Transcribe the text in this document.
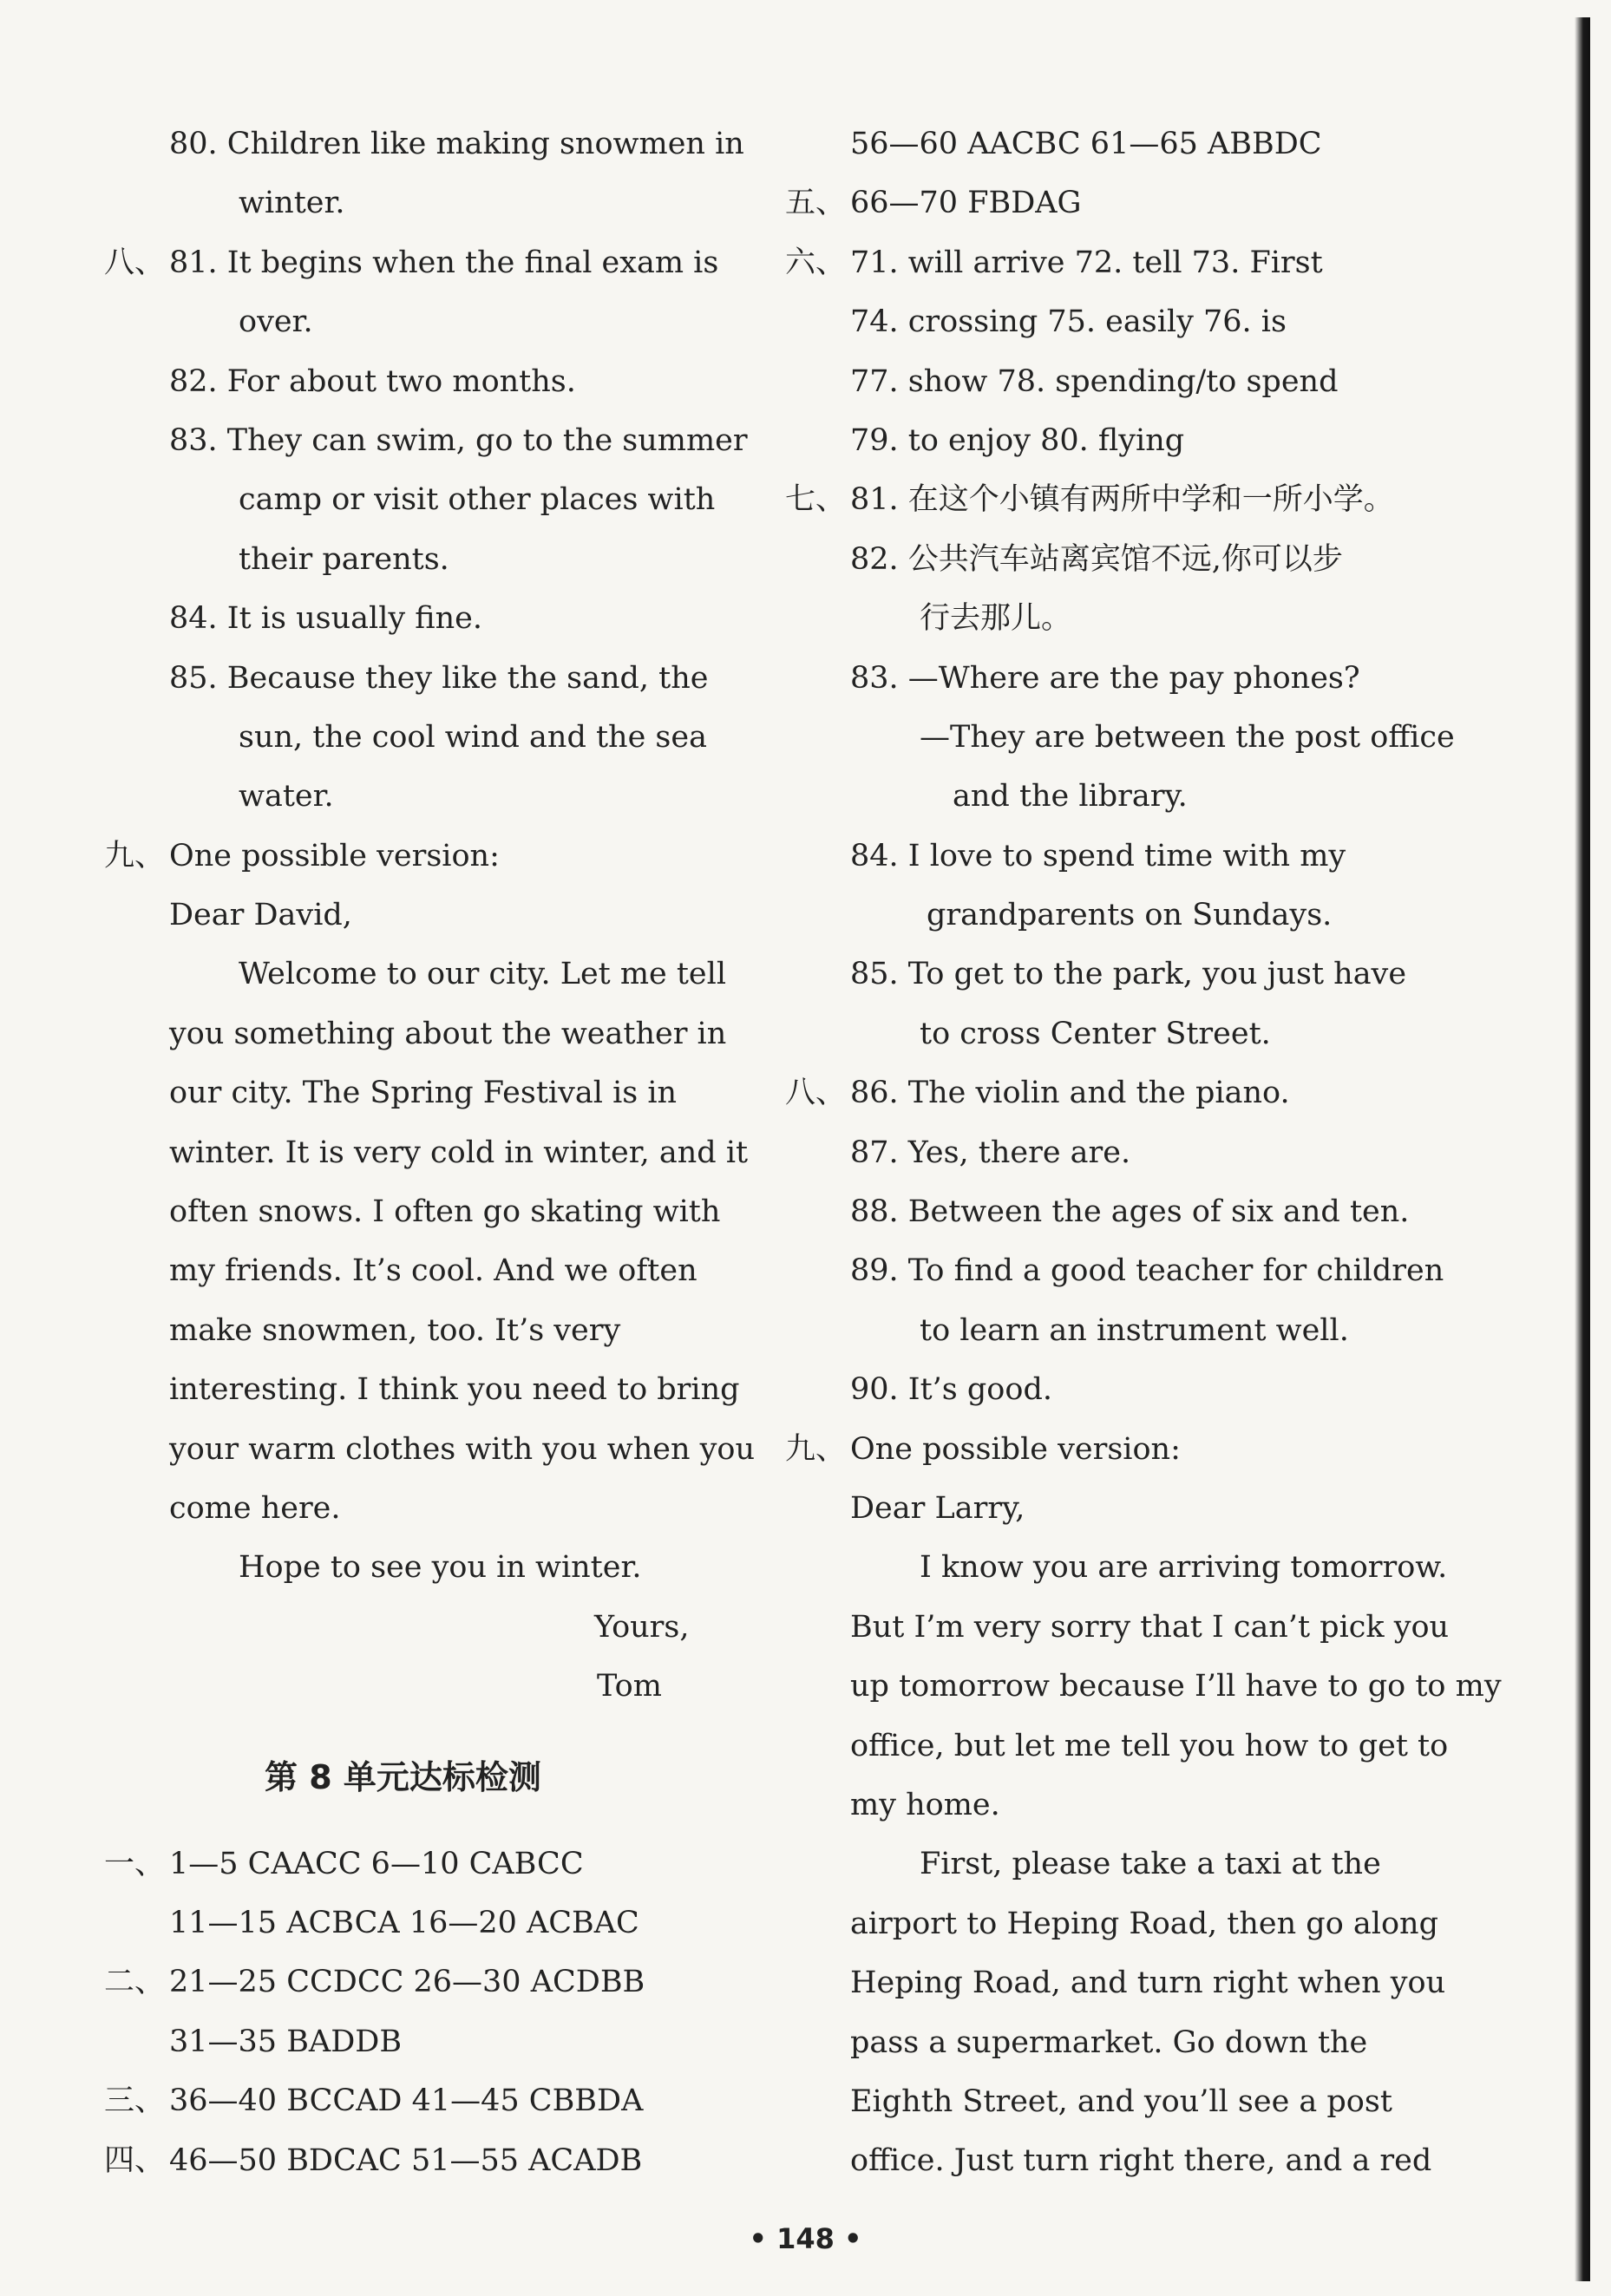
80. Children like making snowmen in
winter.
八、 81. It begins when the final exam is
over.
82. For about two months.
83. They can swim, go to the summer
camp or visit other places with
their parents.
84. It is usually fine.
85. Because they like the sand, the
sun, the cool wind and the sea
water.
九、 One possible version:
Dear David,
Welcome to our city. Let me tell
you something about the weather in
our city. The Spring Festival is in
winter. It is very cold in winter, and it
often snows. I often go skating with
my friends. It’s cool. And we often
make snowmen, too. It’s very
interesting. I think you need to bring
your warm clothes with you when you
come here.
Hope to see you in winter.
Yours,
Tom
第 8 单元达标检测
一、 1—5 CAACC 6—10 CABCC
11—15 ACBCA 16—20 ACBAC
二、 21—25 CCDCC 26—30 ACDBB
31—35 BADDB
三、 36—40 BCCAD 41—45 CBBDA
四、 46—50 BDCAC 51—55 ACADB
56—60 AACBC 61—65 ABBDC
五、 66—70 FBDAG
六、 71. will arrive 72. tell 73. First
74. crossing 75. easily 76. is
77. show 78. spending/to spend
79. to enjoy 80. flying
七、 81. 在这个小镇有两所中学和一所小学。
82. 公共汽车站离宾馆不远,你可以步
行去那儿。
83. —Where are the pay phones?
—They are between the post office
and the library.
84. I love to spend time with my
grandparents on Sundays.
85. To get to the park, you just have
to cross Center Street.
八、 86. The violin and the piano.
87. Yes, there are.
88. Between the ages of six and ten.
89. To find a good teacher for children
to learn an instrument well.
90. It’s good.
九、 One possible version:
Dear Larry,
I know you are arriving tomorrow.
But I’m very sorry that I can’t pick you
up tomorrow because I’ll have to go to my
office, but let me tell you how to get to
my home.
First, please take a taxi at the
airport to Heping Road, then go along
Heping Road, and turn right when you
pass a supermarket. Go down the
Eighth Street, and you’ll see a post
office. Just turn right there, and a red
• 148 •
